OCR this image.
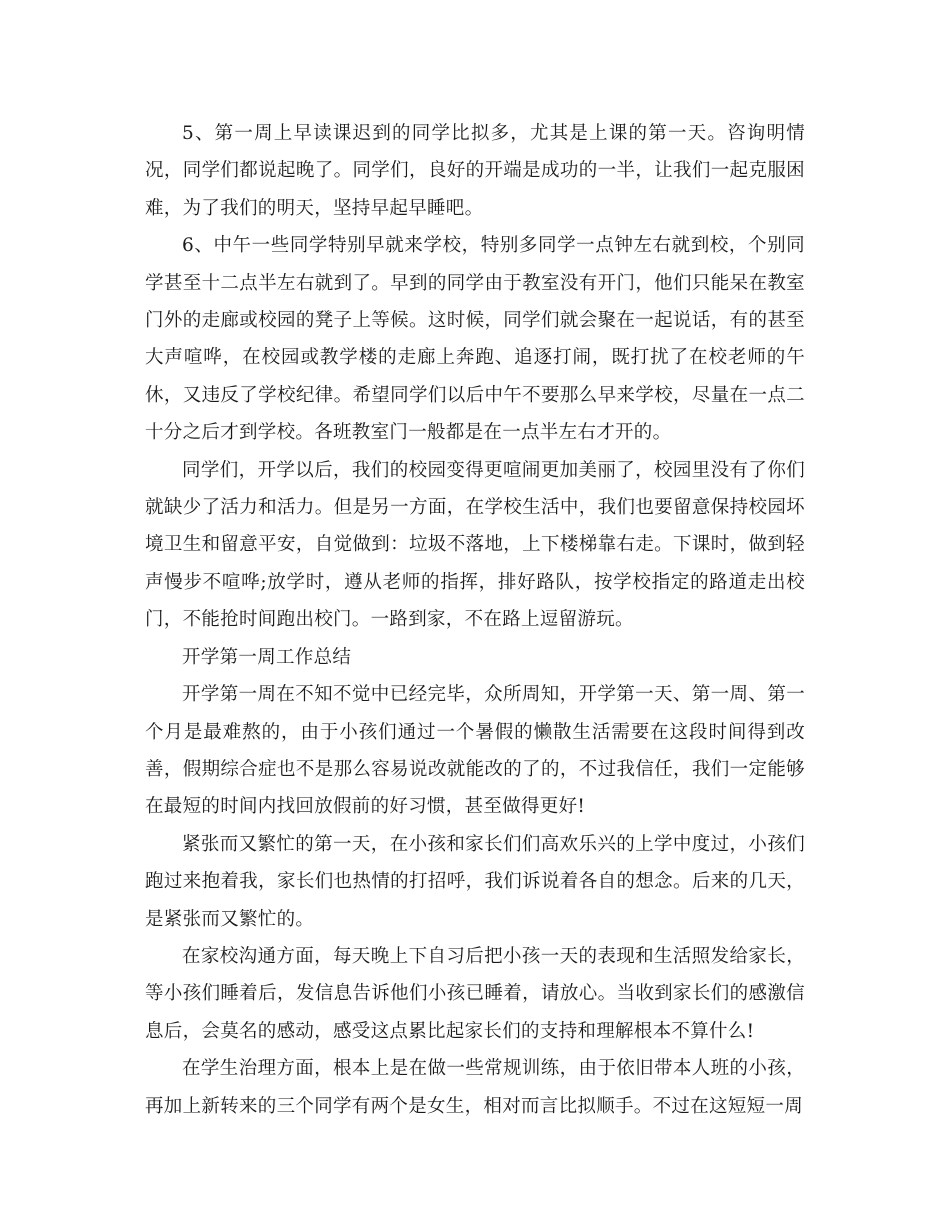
5、第一周上早读课迟到的同学比拟多，尤其是上课的第一天。咨询明情况，同学们都说起晚了。同学们，良好的开端是成功的一半，让我们一起克服困难，为了我们的明天，坚持早起早睡吧。

6、中午一些同学特别早就来学校，特别多同学一点钟左右就到校，个别同学甚至十二点半左右就到了。早到的同学由于教室没有开门，他们只能呆在教室门外的走廊或校园的凳子上等候。这时候，同学们就会聚在一起说话，有的甚至大声喧哗，在校园或教学楼的走廊上奔跑、追逐打闹，既打扰了在校老师的午休，又违反了学校纪律。希望同学们以后中午不要那么早来学校，尽量在一点二十分之后才到学校。各班教室门一般都是在一点半左右才开的。

同学们，开学以后，我们的校园变得更喧闹更加美丽了，校园里没有了你们就缺少了活力和活力。但是另一方面，在学校生活中，我们也要留意保持校园坏境卫生和留意平安，自觉做到：垃圾不落地，上下楼梯靠右走。下课时，做到轻声慢步不喧哗;放学时，遵从老师的指挥，排好路队，按学校指定的路道走出校门，不能抢时间跑出校门。一路到家，不在路上逗留游玩。

开学第一周工作总结

开学第一周在不知不觉中已经完毕，众所周知，开学第一天、第一周、第一个月是最难熬的，由于小孩们通过一个暑假的懒散生活需要在这段时间得到改善，假期综合症也不是那么容易说改就能改的了的，不过我信任，我们一定能够在最短的时间内找回放假前的好习惯，甚至做得更好!

紧张而又繁忙的第一天，在小孩和家长们们高欢乐兴的上学中度过，小孩们跑过来抱着我，家长们也热情的打招呼，我们诉说着各自的想念。后来的几天，是紧张而又繁忙的。

在家校沟通方面，每天晚上下自习后把小孩一天的表现和生活照发给家长，等小孩们睡着后，发信息告诉他们小孩已睡着，请放心。当收到家长们的感激信息后，会莫名的感动，感受这点累比起家长们的支持和理解根本不算什么!

在学生治理方面，根本上是在做一些常规训练，由于依旧带本人班的小孩，再加上新转来的三个同学有两个是女生，相对而言比拟顺手。不过在这短短一周
